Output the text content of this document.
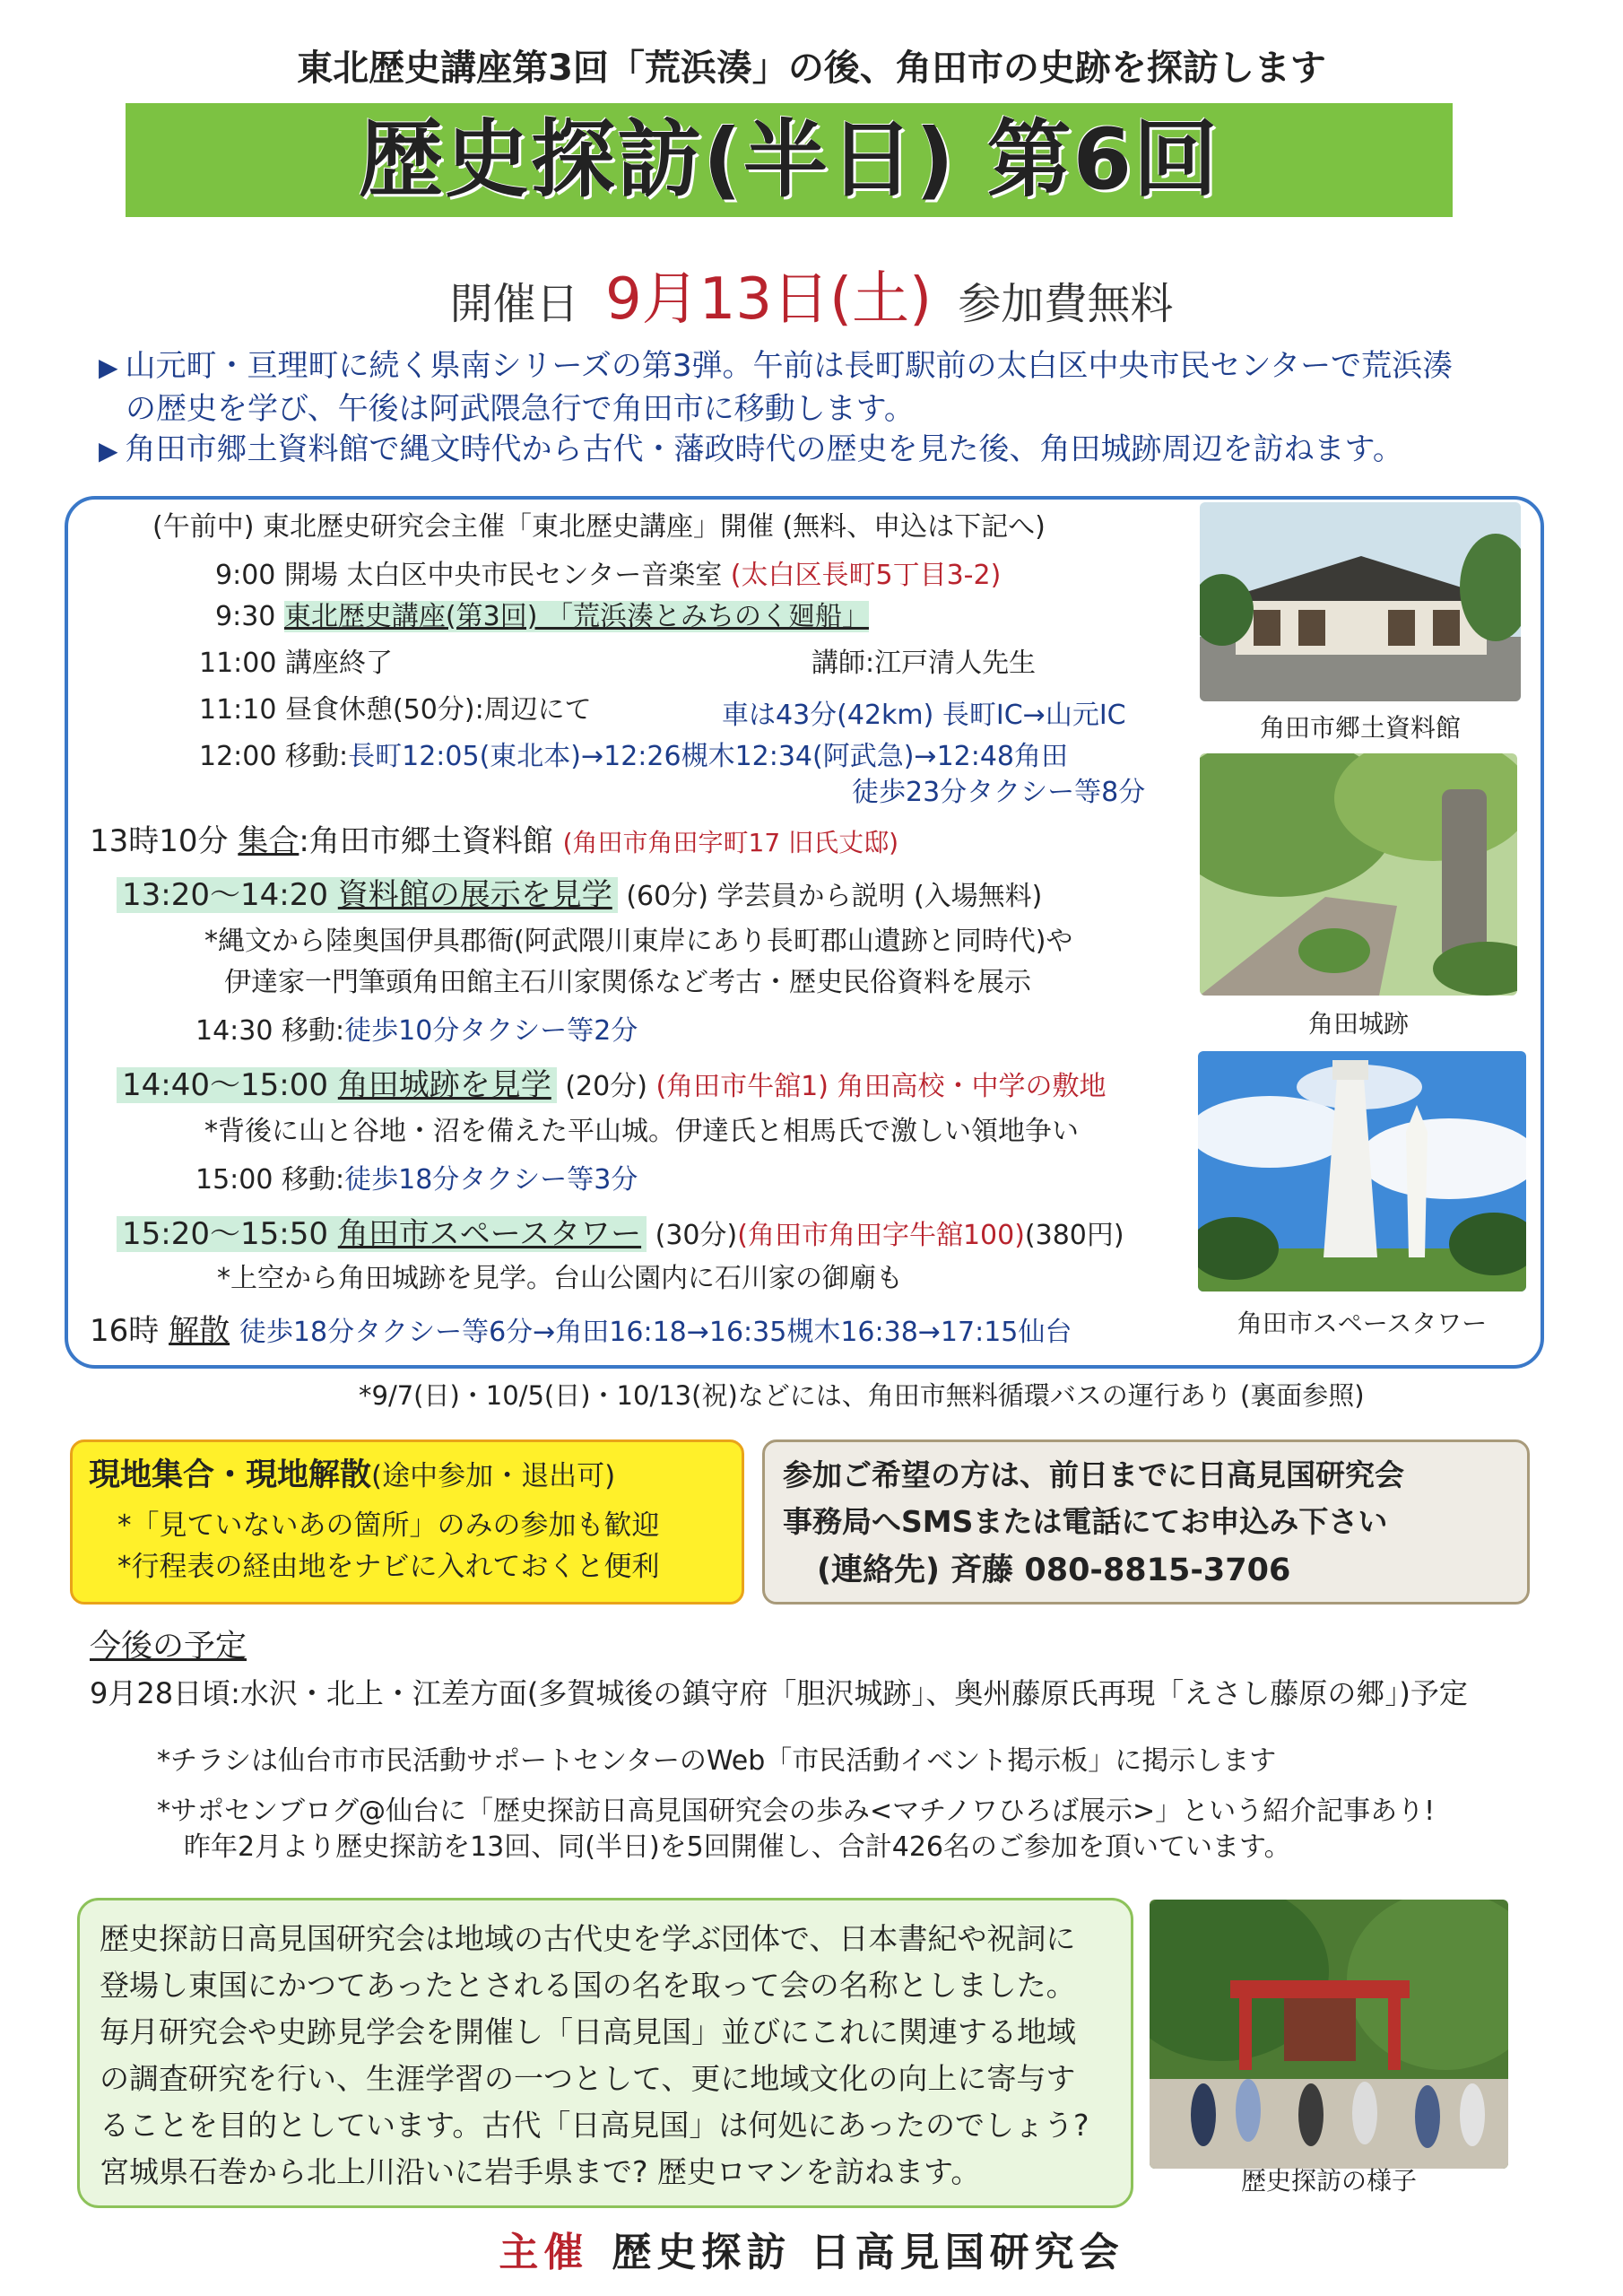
東北歴史講座第3回「荒浜湊」の後、角田市の史跡を探訪します
歴史探訪(半日) 第6回
開催日 9月13日(土) 参加費無料
▶ 山元町・亘理町に続く県南シリーズの第3弾。午前は長町駅前の太白区中央市民センターで荒浜湊
の歴史を学び、午後は阿武隈急行で角田市に移動します。
▶ 角田市郷土資料館で縄文時代から古代・藩政時代の歴史を見た後、角田城跡周辺を訪ねます。
(午前中) 東北歴史研究会主催「東北歴史講座」開催 (無料、申込は下記へ)
9:00 開場 太白区中央市民センター音楽室 (太白区長町5丁目3-2)
9:30 東北歴史講座(第3回) 「荒浜湊とみちのく廻船」
11:00 講座終了	講師:江戸清人先生
11:10 昼食休憩(50分):周辺にて	車は43分(42km) 長町IC→山元IC
12:00 移動:長町12:05(東北本)→12:26槻木12:34(阿武急)→12:48角田
徒歩23分タクシー等8分
13時10分 集合:角田市郷土資料館 (角田市角田字町17 旧氏丈邸)
13:20～14:20 資料館の展示を見学 (60分) 学芸員から説明 (入場無料)
*縄文から陸奥国伊具郡衙(阿武隈川東岸にあり長町郡山遺跡と同時代)や
伊達家一門筆頭角田館主石川家関係など考古・歴史民俗資料を展示
14:30 移動:徒歩10分タクシー等2分
14:40～15:00 角田城跡を見学 (20分) (角田市牛舘1) 角田高校・中学の敷地
*背後に山と谷地・沼を備えた平山城。伊達氏と相馬氏で激しい領地争い
15:00 移動:徒歩18分タクシー等3分
15:20～15:50 角田市スペースタワー (30分)(角田市角田字牛舘100)(380円)
*上空から角田城跡を見学。台山公園内に石川家の御廟も
16時 解散 徒歩18分タクシー等6分→角田16:18→16:35槻木16:38→17:15仙台
角田市郷土資料館
角田城跡
角田市スペースタワー
*9/7(日)・10/5(日)・10/13(祝)などには、角田市無料循環バスの運行あり (裏面参照)
現地集合・現地解散(途中参加・退出可)
*「見ていないあの箇所」のみの参加も歓迎
*行程表の経由地をナビに入れておくと便利
参加ご希望の方は、前日までに日高見国研究会
事務局へSMSまたは電話にてお申込み下さい
(連絡先) 斉藤 080-8815-3706
今後の予定
9月28日頃:水沢・北上・江差方面(多賀城後の鎮守府「胆沢城跡」、奥州藤原氏再現「えさし藤原の郷」)予定
*チラシは仙台市市民活動サポートセンターのWeb「市民活動イベント掲示板」に掲示します
*サポセンブログ@仙台に「歴史探訪日高見国研究会の歩み<マチノワひろば展示>」という紹介記事あり!
昨年2月より歴史探訪を13回、同(半日)を5回開催し、合計426名のご参加を頂いています。
歴史探訪日高見国研究会は地域の古代史を学ぶ団体で、日本書紀や祝詞に
登場し東国にかつてあったとされる国の名を取って会の名称としました。
毎月研究会や史跡見学会を開催し「日高見国」並びにこれに関連する地域
の調査研究を行い、生涯学習の一つとして、更に地域文化の向上に寄与す
ることを目的としています。古代「日高見国」は何処にあったのでしょう?
宮城県石巻から北上川沿いに岩手県まで? 歴史ロマンを訪ねます。	歴史探訪の様子
主催 歴史探訪 日高見国研究会
